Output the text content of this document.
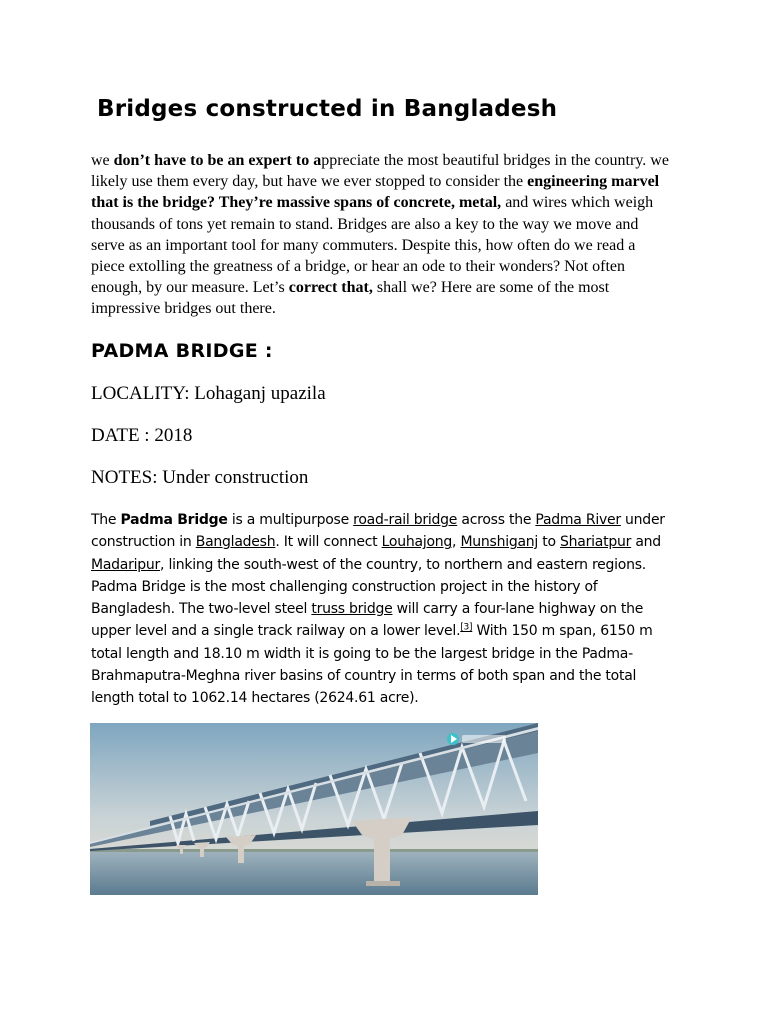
Bridges constructed in Bangladesh

we don’t have to be an expert to appreciate the most beautiful bridges in the country. we likely use them every day, but have we ever stopped to consider the engineering marvel that is the bridge? They’re massive spans of concrete, metal, and wires which weigh thousands of tons yet remain to stand. Bridges are also a key to the way we move and serve as an important tool for many commuters. Despite this, how often do we read a piece extolling the greatness of a bridge, or hear an ode to their wonders? Not often enough, by our measure. Let’s correct that, shall we? Here are some of the most impressive bridges out there.

PADMA BRIDGE :

LOCALITY: Lohaganj upazila

DATE : 2018

NOTES: Under construction

The Padma Bridge is a multipurpose road-rail bridge across the Padma River under construction in Bangladesh. It will connect Louhajong, Munshiganj to Shariatpur and Madaripur, linking the south-west of the country, to northern and eastern regions. Padma Bridge is the most challenging construction project in the history of Bangladesh. The two-level steel truss bridge will carry a four-lane highway on the upper level and a single track railway on a lower level.[3] With 150 m span, 6150 m total length and 18.10 m width it is going to be the largest bridge in the Padma-Brahmaputra-Meghna river basins of country in terms of both span and the total length total to 1062.14 hectares (2624.61 acre).
